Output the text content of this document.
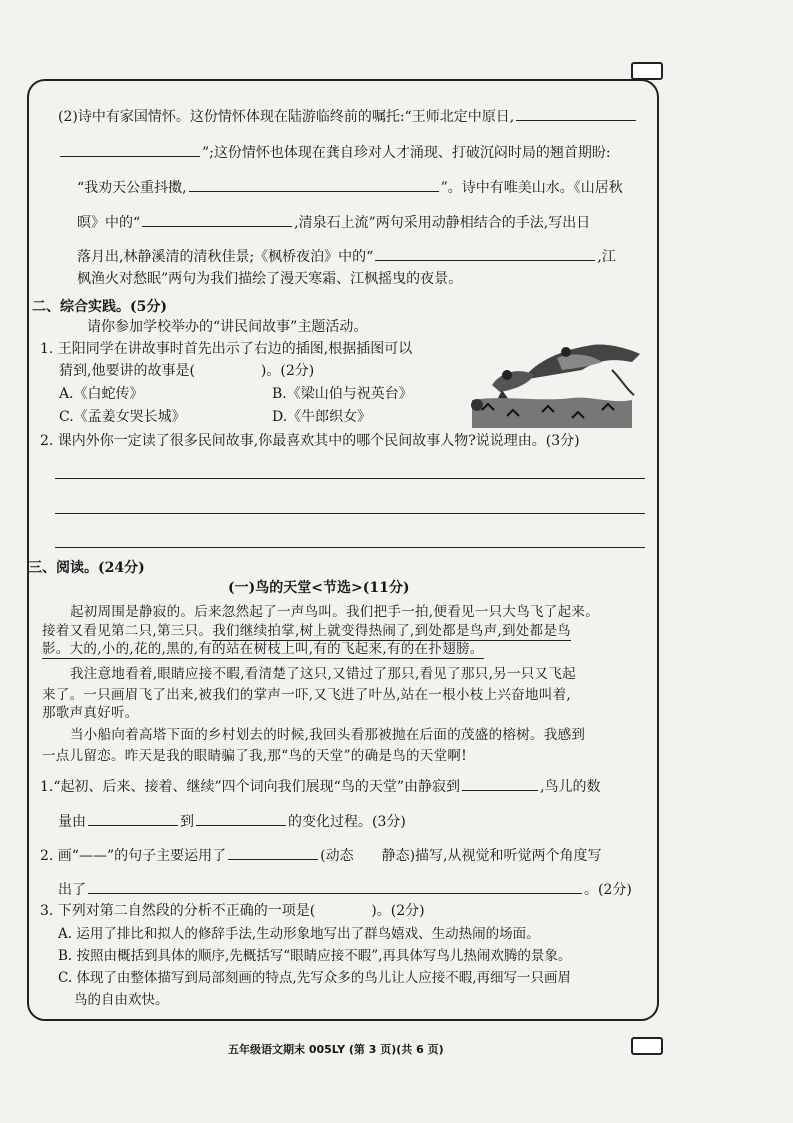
(2)诗中有家国情怀。这份情怀体现在陆游临终前的嘱托:“王师北定中原日,
”;这份情怀也体现在龚自珍对人才涌现、打破沉闷时局的翘首期盼:
“我劝天公重抖擞,	”。诗中有唯美山水。《山居秋
暝》中的“	,清泉石上流”两句采用动静相结合的手法,写出日
落月出,林静溪清的清秋佳景;《枫桥夜泊》中的“	,江
枫渔火对愁眠”两句为我们描绘了漫天寒霜、江枫摇曳的夜景。
二、综合实践。(5分)
请你参加学校举办的“讲民间故事”主题活动。
1. 王阳同学在讲故事时首先出示了右边的插图,根据插图可以
猜到,他要讲的故事是(	)。(2分)
A.《白蛇传》	B.《梁山伯与祝英台》
C.《孟姜女哭长城》	D.《牛郎织女》
2. 课内外你一定读了很多民间故事,你最喜欢其中的哪个民间故事人物?说说理由。(3分)
三、阅读。(24分)
(一)鸟的天堂<节选>(11分)
起初周围是静寂的。后来忽然起了一声鸟叫。我们把手一拍,便看见一只大鸟飞了起来。
接着又看见第二只,第三只。我们继续拍掌,树上就变得热闹了,到处都是鸟声,到处都是鸟
影。大的,小的,花的,黑的,有的站在树枝上叫,有的飞起来,有的在扑翅膀。
我注意地看着,眼睛应接不暇,看清楚了这只,又错过了那只,看见了那只,另一只又飞起
来了。一只画眉飞了出来,被我们的掌声一吓,又飞进了叶丛,站在一根小枝上兴奋地叫着,
那歌声真好听。
当小船向着高塔下面的乡村划去的时候,我回头看那被抛在后面的茂盛的榕树。我感到
一点儿留恋。昨天是我的眼睛骗了我,那“鸟的天堂”的确是鸟的天堂啊!
1.“起初、后来、接着、继续”四个词向我们展现“鸟的天堂”由静寂到	,鸟儿的数
量由	到	的变化过程。(3分)
2. 画“——”的句子主要运用了	(动态　　静态)描写,从视觉和听觉两个角度写
出了	。(2分)
3. 下列对第二自然段的分析不正确的一项是(	)。(2分)
A. 运用了排比和拟人的修辞手法,生动形象地写出了群鸟嬉戏、生动热闹的场面。
B. 按照由概括到具体的顺序,先概括写“眼睛应接不暇”,再具体写鸟儿热闹欢腾的景象。
C. 体现了由整体描写到局部刻画的特点,先写众多的鸟儿让人应接不暇,再细写一只画眉
鸟的自由欢快。
五年级语文期末 005LY (第 3 页)(共 6 页)
